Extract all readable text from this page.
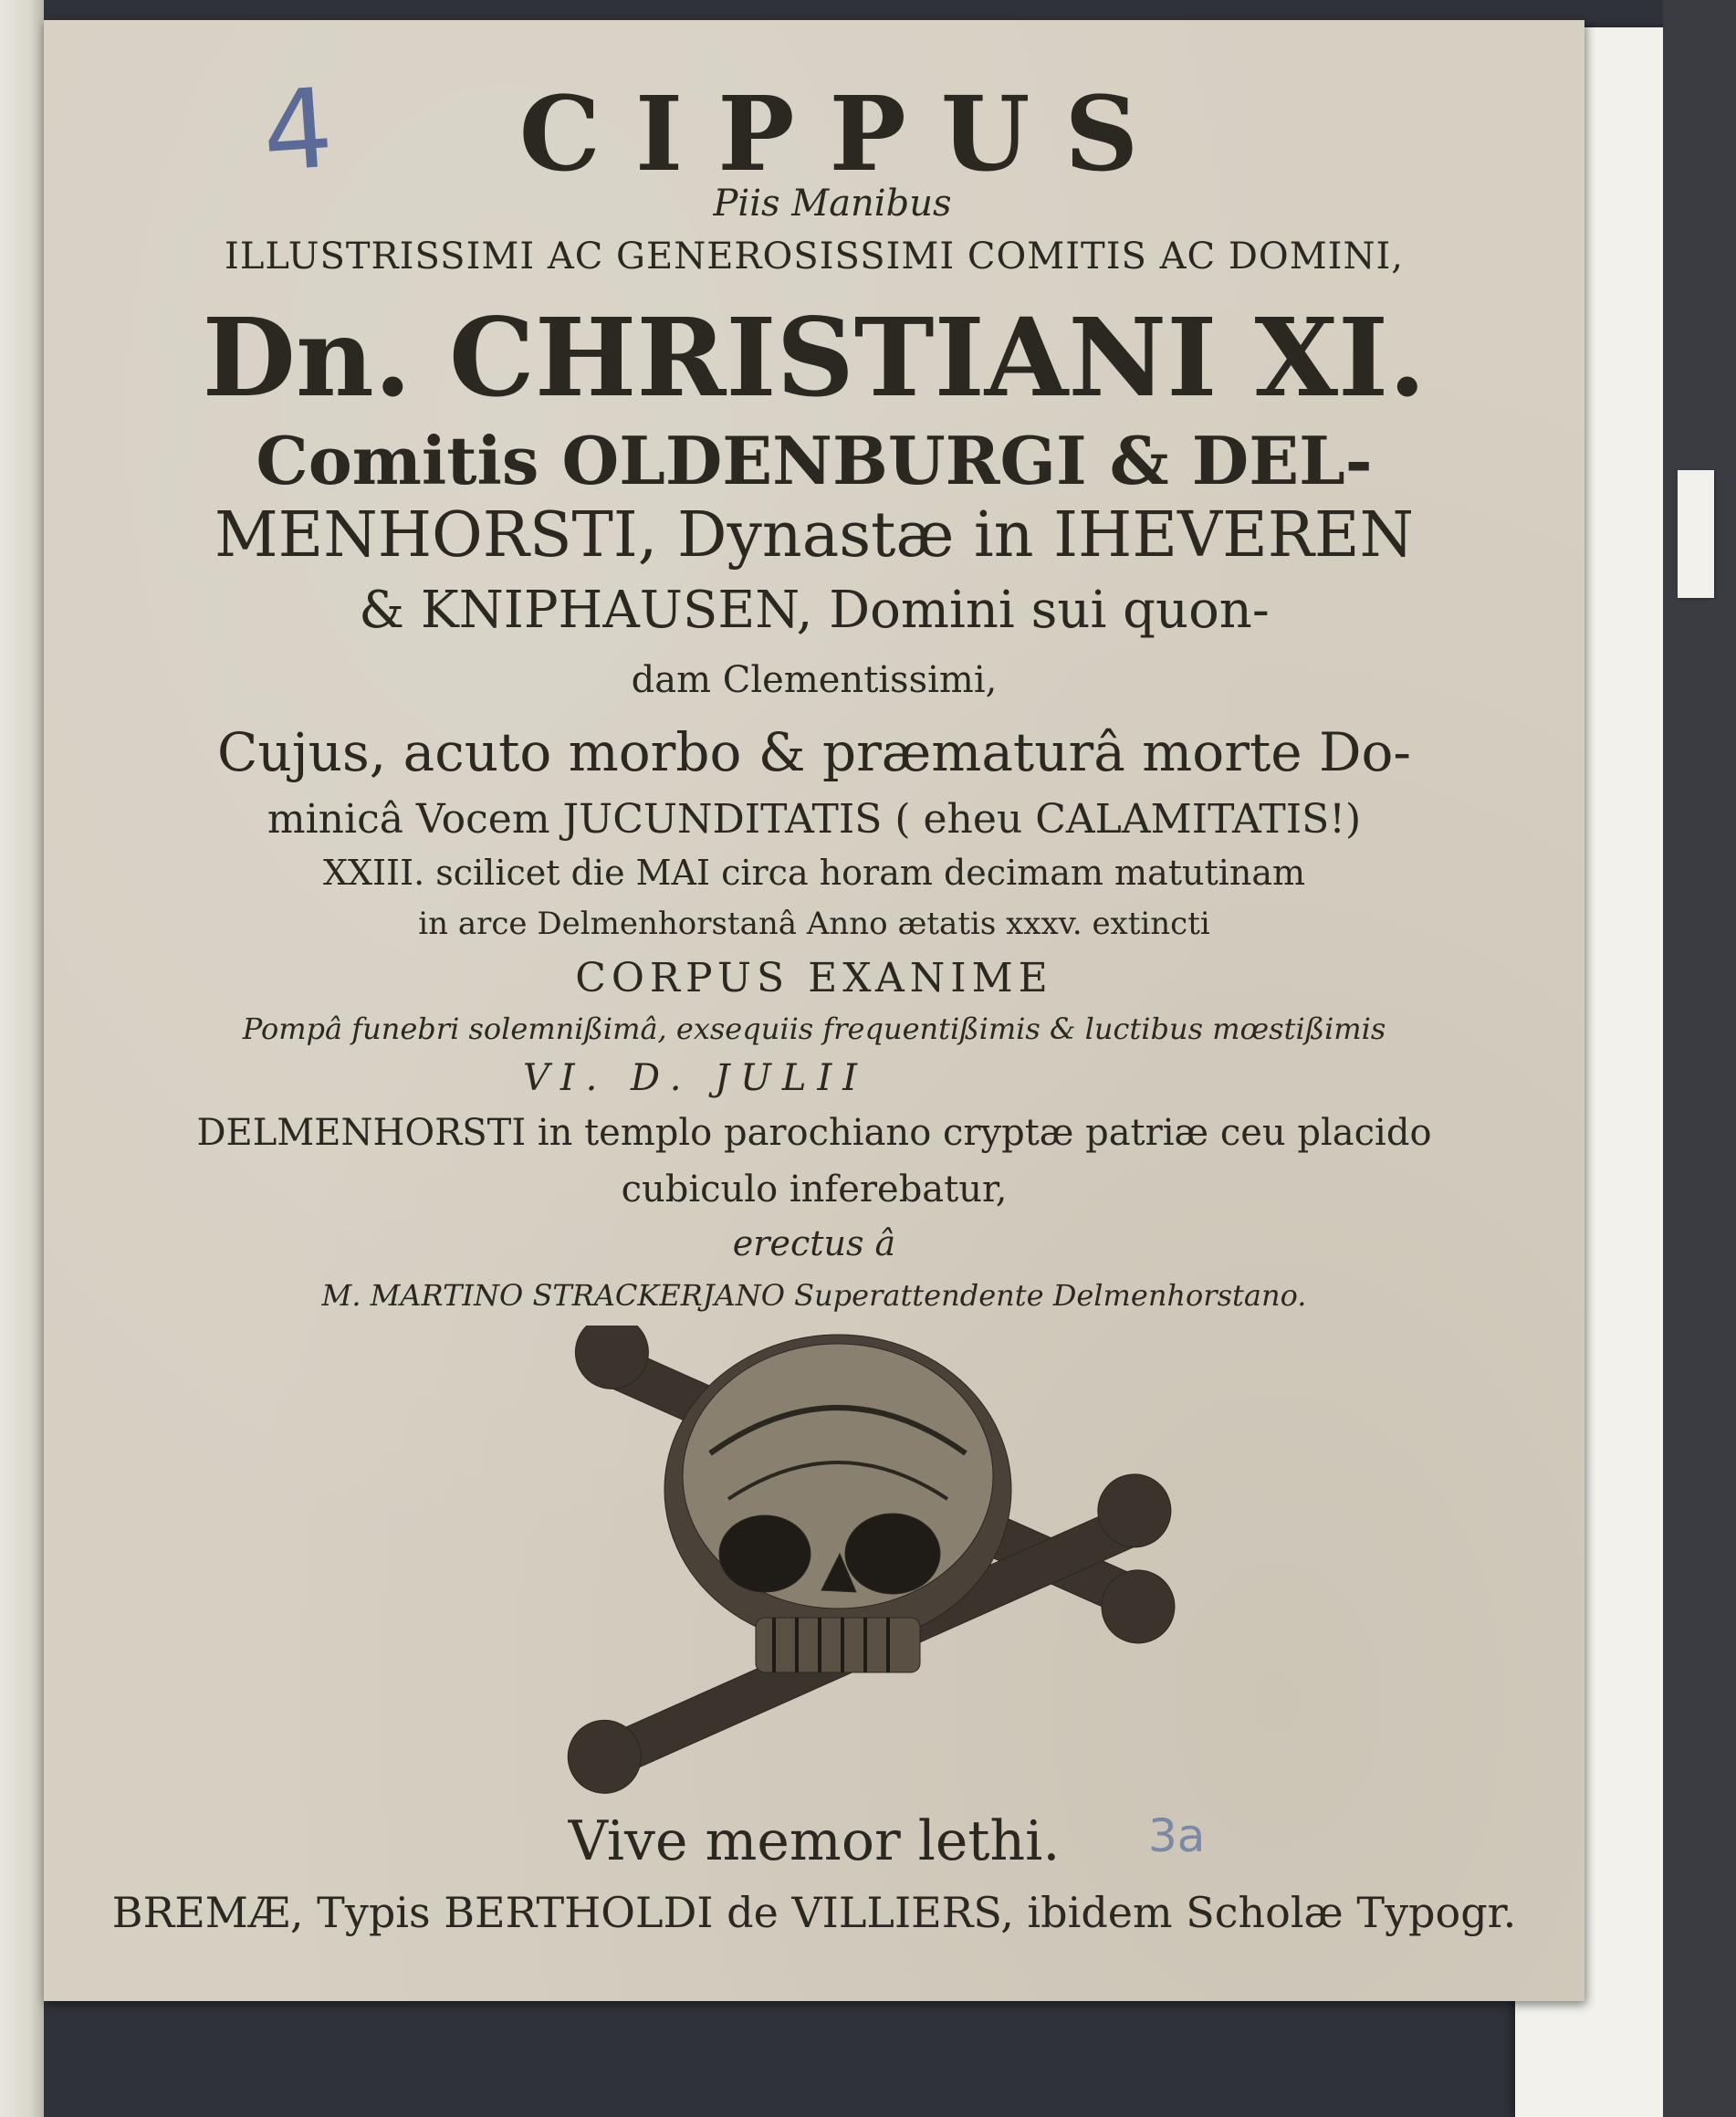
4	CIPPUS
Piis Manibus
ILLUSTRISSIMI AC GENEROSISSIMI COMITIS AC DOMINI,
Dn. CHRISTIANI XI.
Comitis OLDENBURGI & DEL-
MENHORSTI, Dynastæ in IHEVEREN
& KNIPHAUSEN, Domini sui quon-
dam Clementissimi,
Cujus, acuto morbo & præmaturâ morte Do-
minicâ Vocem JUCUNDITATIS ( eheu CALAMITATIS!)
XXIII. scilicet die MAI circa horam decimam matutinam
in arce Delmenhorstanâ Anno ætatis xxxv. extincti
CORPUS EXANIME
Pompâ funebri solemnißimâ, exsequiis frequentißimis & luctibus mœstißimis
VI. D. JULII
DELMENHORSTI in templo parochiano cryptæ patriæ ceu placido
cubiculo inferebatur,
erectus â
M. MARTINO STRACKERJANO Superattendente Delmenhorstano.
Vive memor lethi.
BREMÆ, Typis BERTHOLDI de VILLIERS, ibidem Scholæ Typogr.
3a
